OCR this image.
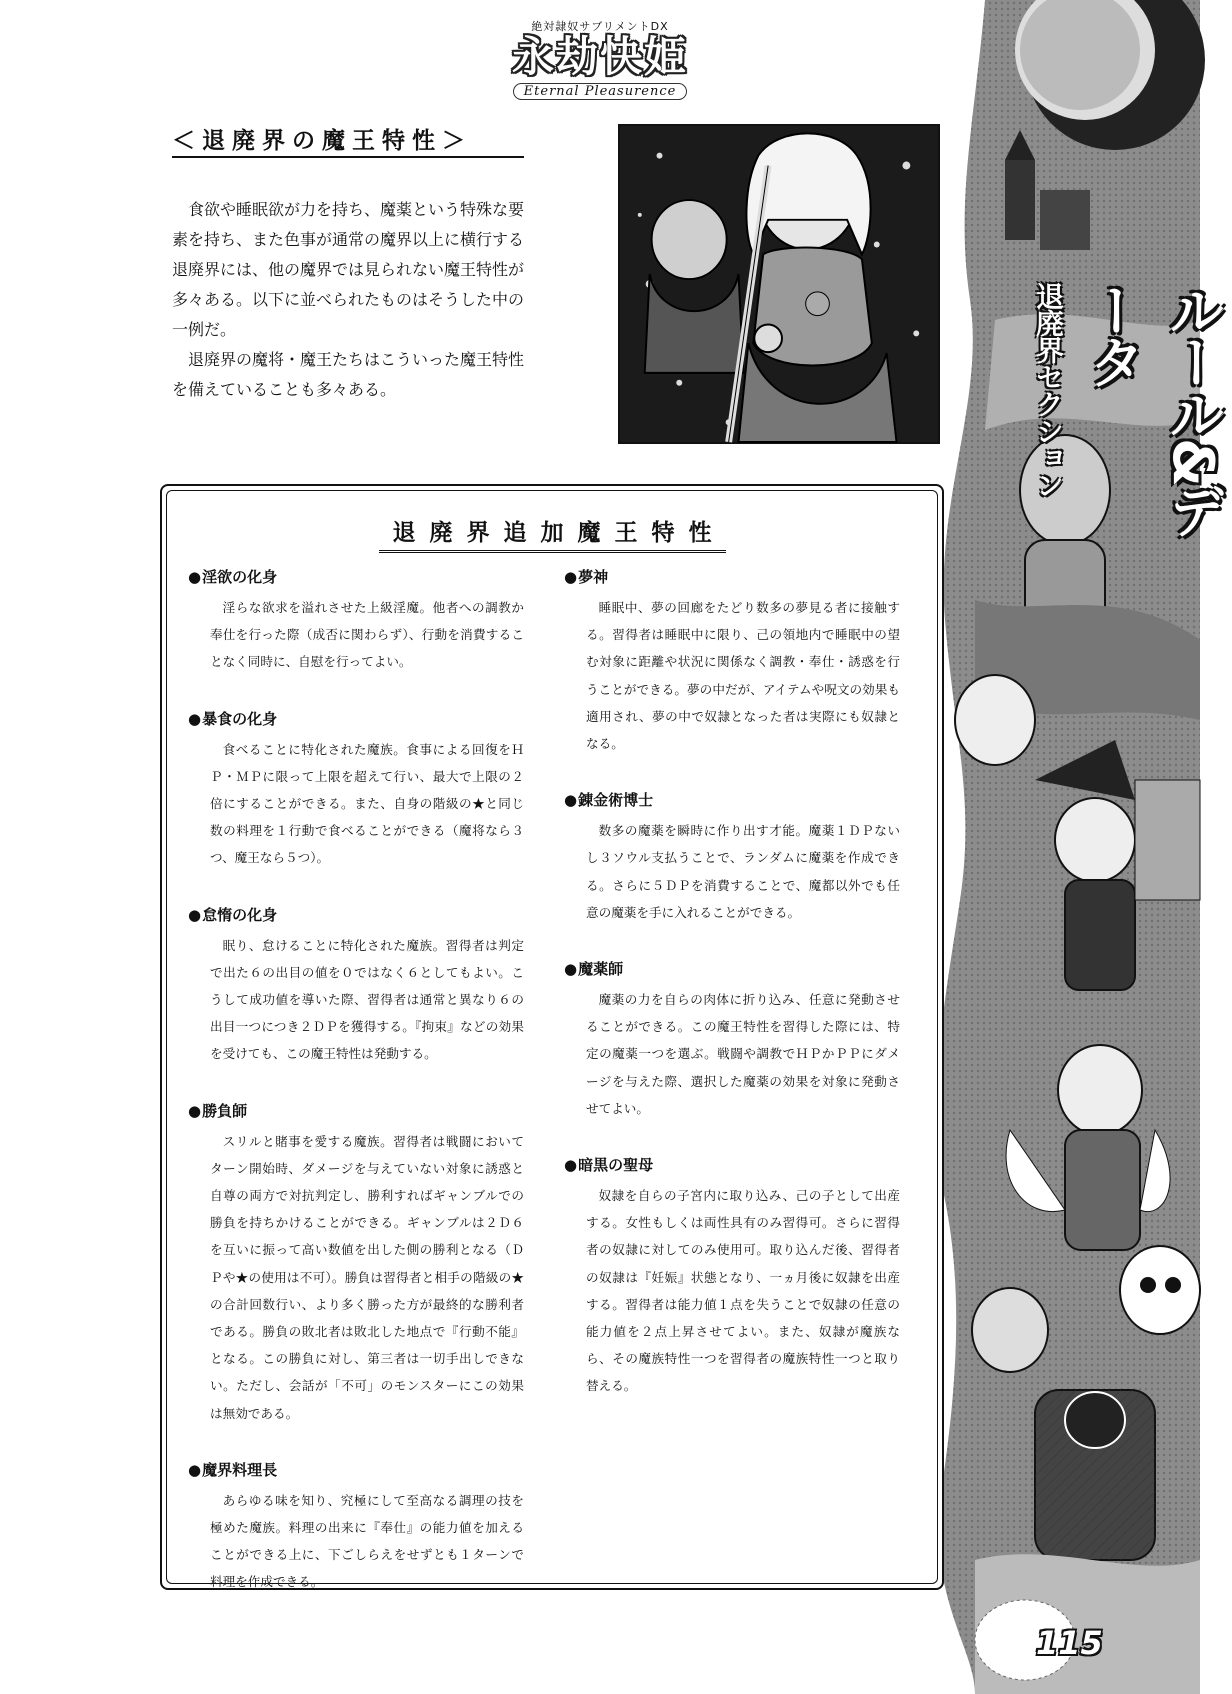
退廃界セクション	ルール&データ
絶対隷奴サブリメントDX
永劫快姫
Eternal Pleasurence
＜退廃界の魔王特性＞

食欲や睡眠欲が力を持ち、魔薬という特殊な要素を持ち、また色事が通常の魔界以上に横行する退廃界には、他の魔界では見られない魔王特性が多々ある。以下に並べられたものはそうした中の一例だ。

退廃界の魔将・魔王たちはこういった魔王特性を備えていることも多々ある。

退廃界追加魔王特性
● 淫欲の化身
淫らな欲求を溢れさせた上級淫魔。他者への調教か奉仕を行った際（成否に関わらず）、行動を消費することなく同時に、自慰を行ってよい。
● 暴食の化身
食べることに特化された魔族。食事による回復をＨＰ・ＭＰに限って上限を超えて行い、最大で上限の２倍にすることができる。また、自身の階級の★と同じ数の料理を１行動で食べることができる（魔将なら３つ、魔王なら５つ）。
● 怠惰の化身
眠り、怠けることに特化された魔族。習得者は判定で出た６の出目の値を０ではなく６としてもよい。こうして成功値を導いた際、習得者は通常と異なり６の出目一つにつき２ＤＰを獲得する。『拘束』などの効果を受けても、この魔王特性は発動する。
● 勝負師
スリルと賭事を愛する魔族。習得者は戦闘においてターン開始時、ダメージを与えていない対象に誘惑と自尊の両方で対抗判定し、勝利すればギャンブルでの勝負を持ちかけることができる。ギャンブルは２Ｄ６を互いに振って高い数値を出した側の勝利となる（ＤＰや★の使用は不可）。勝負は習得者と相手の階級の★の合計回数行い、より多く勝った方が最終的な勝利者である。勝負の敗北者は敗北した地点で『行動不能』となる。この勝負に対し、第三者は一切手出しできない。ただし、会話が「不可」のモンスターにこの効果は無効である。
● 魔界料理長
あらゆる味を知り、究極にして至高なる調理の技を極めた魔族。料理の出来に『奉仕』の能力値を加えることができる上に、下ごしらえをせずとも１ターンで料理を作成できる。
● 夢神
睡眠中、夢の回廊をたどり数多の夢見る者に接触する。習得者は睡眠中に限り、己の領地内で睡眠中の望む対象に距離や状況に関係なく調教・奉仕・誘惑を行うことができる。夢の中だが、アイテムや呪文の効果も適用され、夢の中で奴隷となった者は実際にも奴隷となる。
● 錬金術博士
数多の魔薬を瞬時に作り出す才能。魔薬１ＤＰないし３ソウル支払うことで、ランダムに魔薬を作成できる。さらに５ＤＰを消費することで、魔都以外でも任意の魔薬を手に入れることができる。
● 魔薬師
魔薬の力を自らの肉体に折り込み、任意に発動させることができる。この魔王特性を習得した際には、特定の魔薬一つを選ぶ。戦闘や調教でＨＰかＰＰにダメージを与えた際、選択した魔薬の効果を対象に発動させてよい。
● 暗黒の聖母
奴隷を自らの子宮内に取り込み、己の子として出産する。女性もしくは両性具有のみ習得可。さらに習得者の奴隷に対してのみ使用可。取り込んだ後、習得者の奴隷は『妊娠』状態となり、一ヵ月後に奴隷を出産する。習得者は能力値１点を失うことで奴隷の任意の能力値を２点上昇させてよい。また、奴隷が魔族なら、その魔族特性一つを習得者の魔族特性一つと取り替える。
115
